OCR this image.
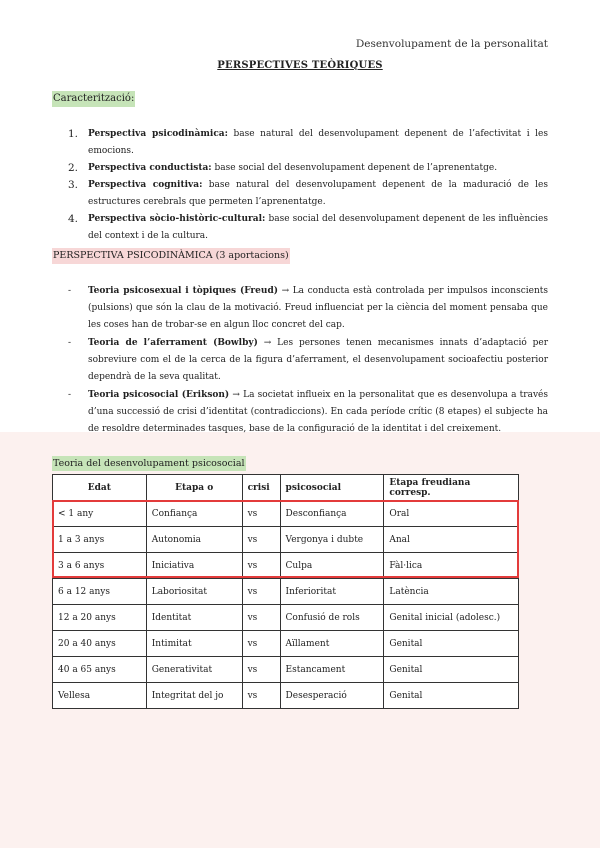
Desenvolupament de la personalitat
PERSPECTIVES TEÒRIQUES
Caracterització:
1. Perspectiva psicodinàmica: base natural del desenvolupament depenent de l’afectivitat i les emocions.
2. Perspectiva conductista: base social del desenvolupament depenent de l’aprenentatge.
3. Perspectiva cognitiva: base natural del desenvolupament depenent de la maduració de les estructures cerebrals que permeten l’aprenentatge.
4. Perspectiva sòcio-històric-cultural: base social del desenvolupament depenent de les influències del context i de la cultura.
PERSPECTIVA PSICODINÀMICA (3 aportacions)
- Teoria psicosexual i tòpiques (Freud) → La conducta està controlada per impulsos inconscients (pulsions) que són la clau de la motivació. Freud influenciat per la ciència del moment pensaba que les coses han de trobar-se en algun lloc concret del cap.
- Teoria de l’aferrament (Bowlby) → Les persones tenen mecanismes innats d’adaptació per sobreviure com el de la cerca de la figura d’aferrament, el desenvolupament socioafectiu posterior dependrà de la seva qualitat.
- Teoria psicosocial (Erikson) → La societat influeix en la personalitat que es desenvolupa a través d’una successió de crisi d’identitat (contradiccions). En cada període crític (8 etapes) el subjecte ha de resoldre determinades tasques, base de la configuració de la identitat i del creixement.
Teoria del desenvolupament psicosocial
Edat	Etapa o	crisi	psicosocial	Etapa freudiana corresp.
< 1 any	Confiança	vs	Desconfiança	Oral
1 a 3 anys	Autonomia	vs	Vergonya i dubte	Anal
3 a 6 anys	Iniciativa	vs	Culpa	Fàl·lica
6 a 12 anys	Laboriositat	vs	Inferioritat	Latència
12 a 20 anys	Identitat	vs	Confusió de rols	Genital inicial (adolesc.)
20 a 40 anys	Intimitat	vs	Aïllament	Genital
40 a 65 anys	Generativitat	vs	Estancament	Genital
Vellesa	Integritat del jo	vs	Desesperació	Genital
